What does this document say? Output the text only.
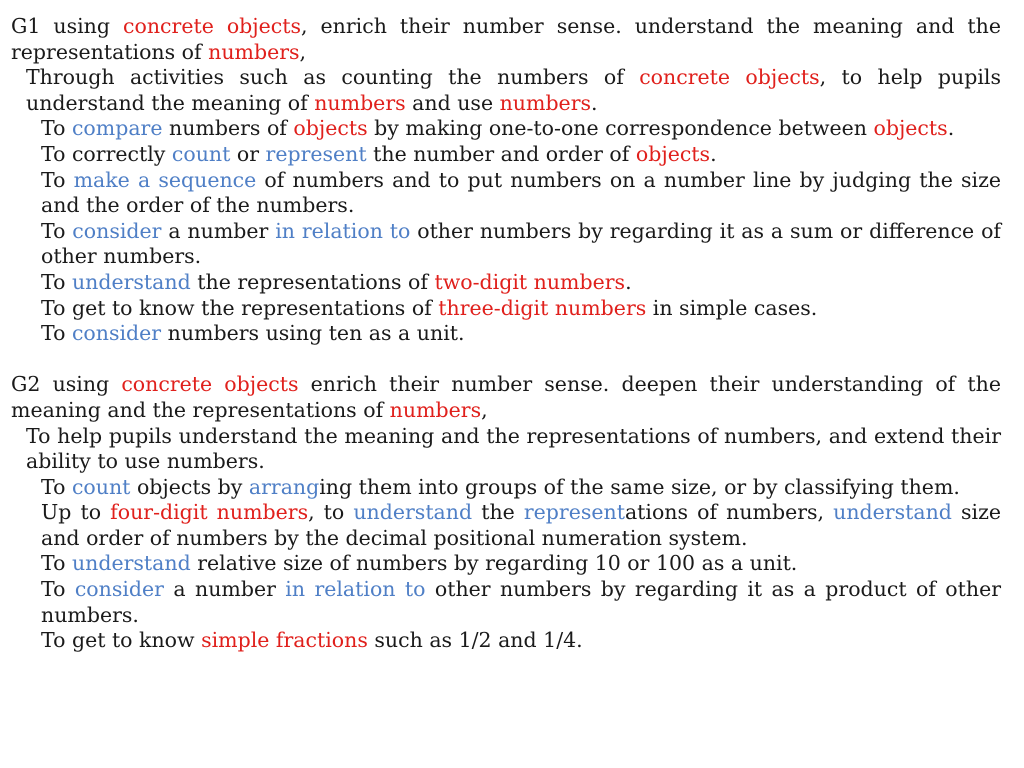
G1 using concrete objects, enrich their number sense. understand the meaning and the representations of numbers,

Through activities such as counting the numbers of concrete objects, to help pupils understand the meaning of numbers and use numbers.

To compare numbers of objects by making one-to-one correspondence between objects.

To correctly count or represent the number and order of objects.

To make a sequence of numbers and to put numbers on a number line by judging the size and the order of the numbers.

To consider a number in relation to other numbers by regarding it as a sum or difference of other numbers.

To understand the representations of two-digit numbers.

To get to know the representations of three-digit numbers in simple cases.

To consider numbers using ten as a unit.

G2 using concrete objects enrich their number sense. deepen their understanding of the meaning and the representations of numbers,

To help pupils understand the meaning and the representations of numbers, and extend their ability to use numbers.

To count objects by arranging them into groups of the same size, or by classifying them.

Up to four-digit numbers, to understand the representations of numbers, understand size and order of numbers by the decimal positional numeration system.

To understand relative size of numbers by regarding 10 or 100 as a unit.

To consider a number in relation to other numbers by regarding it as a product of other numbers.

To get to know simple fractions such as 1/2 and 1/4.
